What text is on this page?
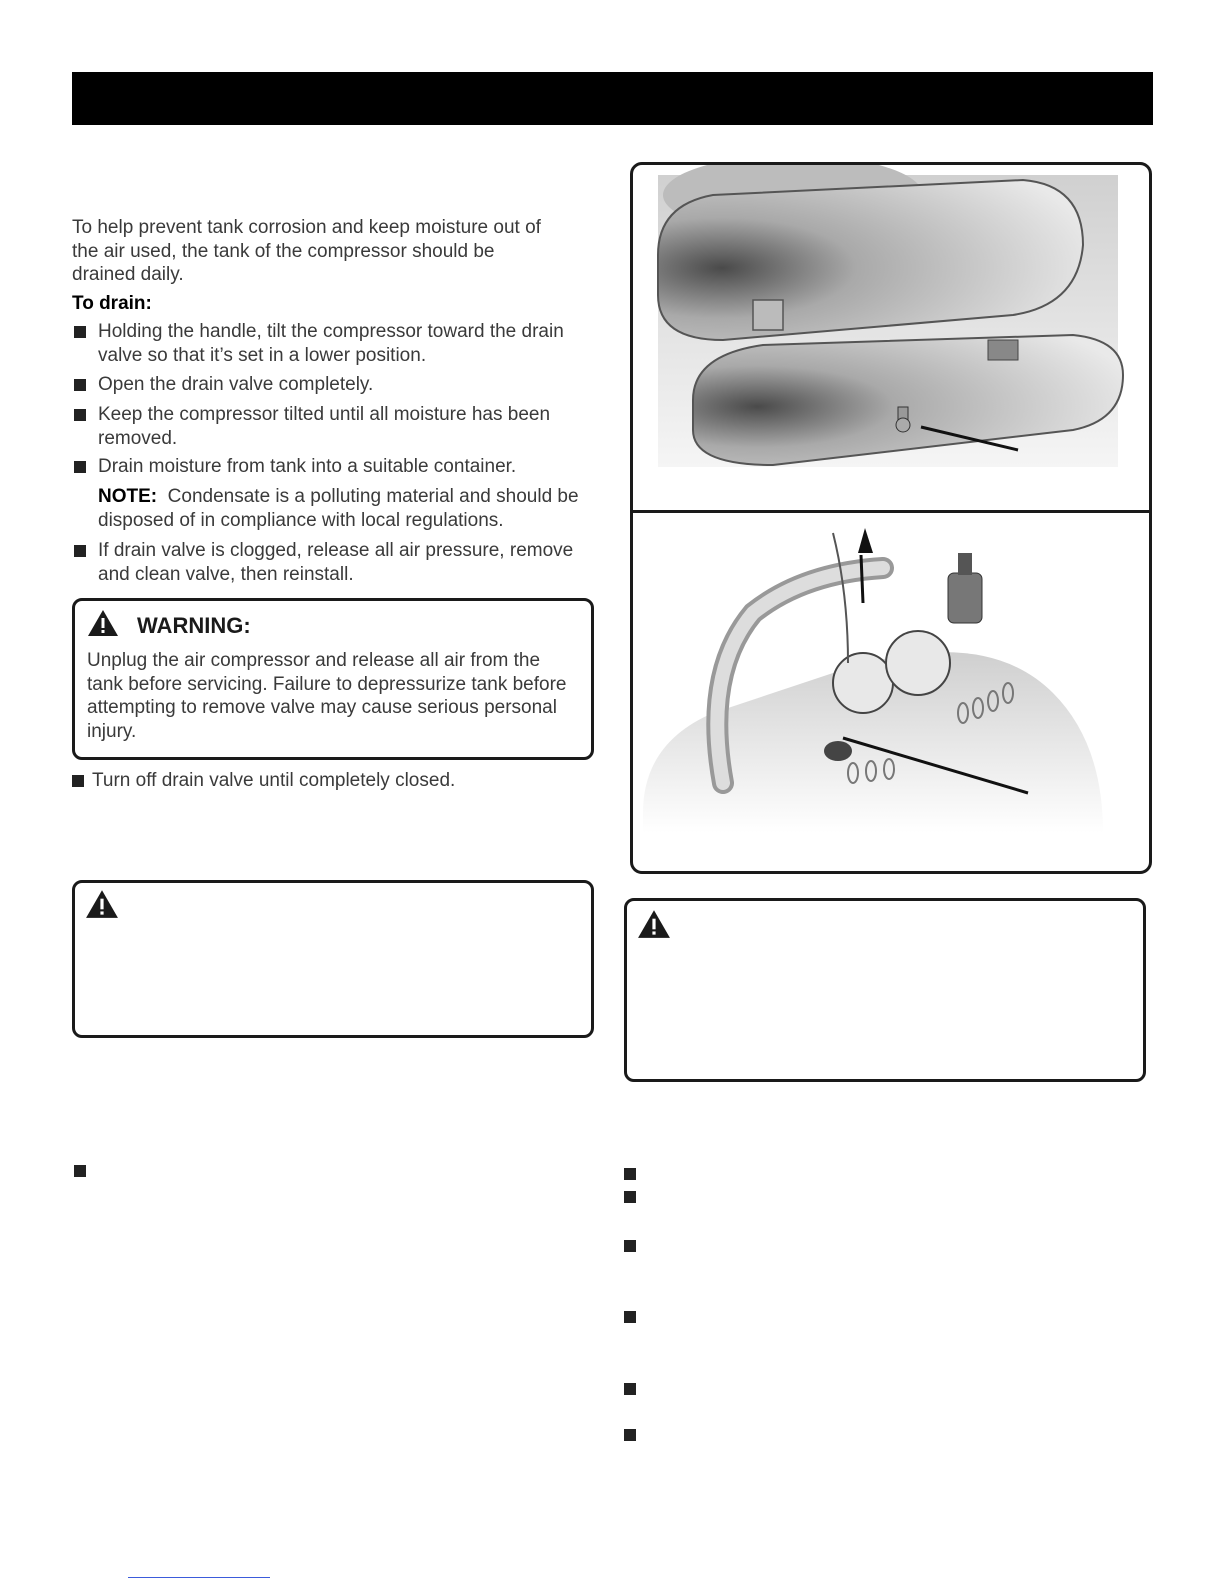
To help prevent tank corrosion and keep moisture out of the air used, the tank of the compressor should be drained daily.

To drain:

Holding the handle, tilt the compressor toward the drain valve so that it’s set in a lower position.
Open the drain valve completely.
Keep the compressor tilted until all moisture has been removed.
Drain moisture from tank into a suitable container.
NOTE: Condensate is a polluting material and should be disposed of in compliance with local regulations.
If drain valve is clogged, release all air pressure, remove and clean valve, then reinstall.
WARNING:
Unplug the air compressor and release all air from the tank before servicing. Failure to depressurize tank before attempting to remove valve may cause serious personal injury.
Turn off drain valve until completely closed.
